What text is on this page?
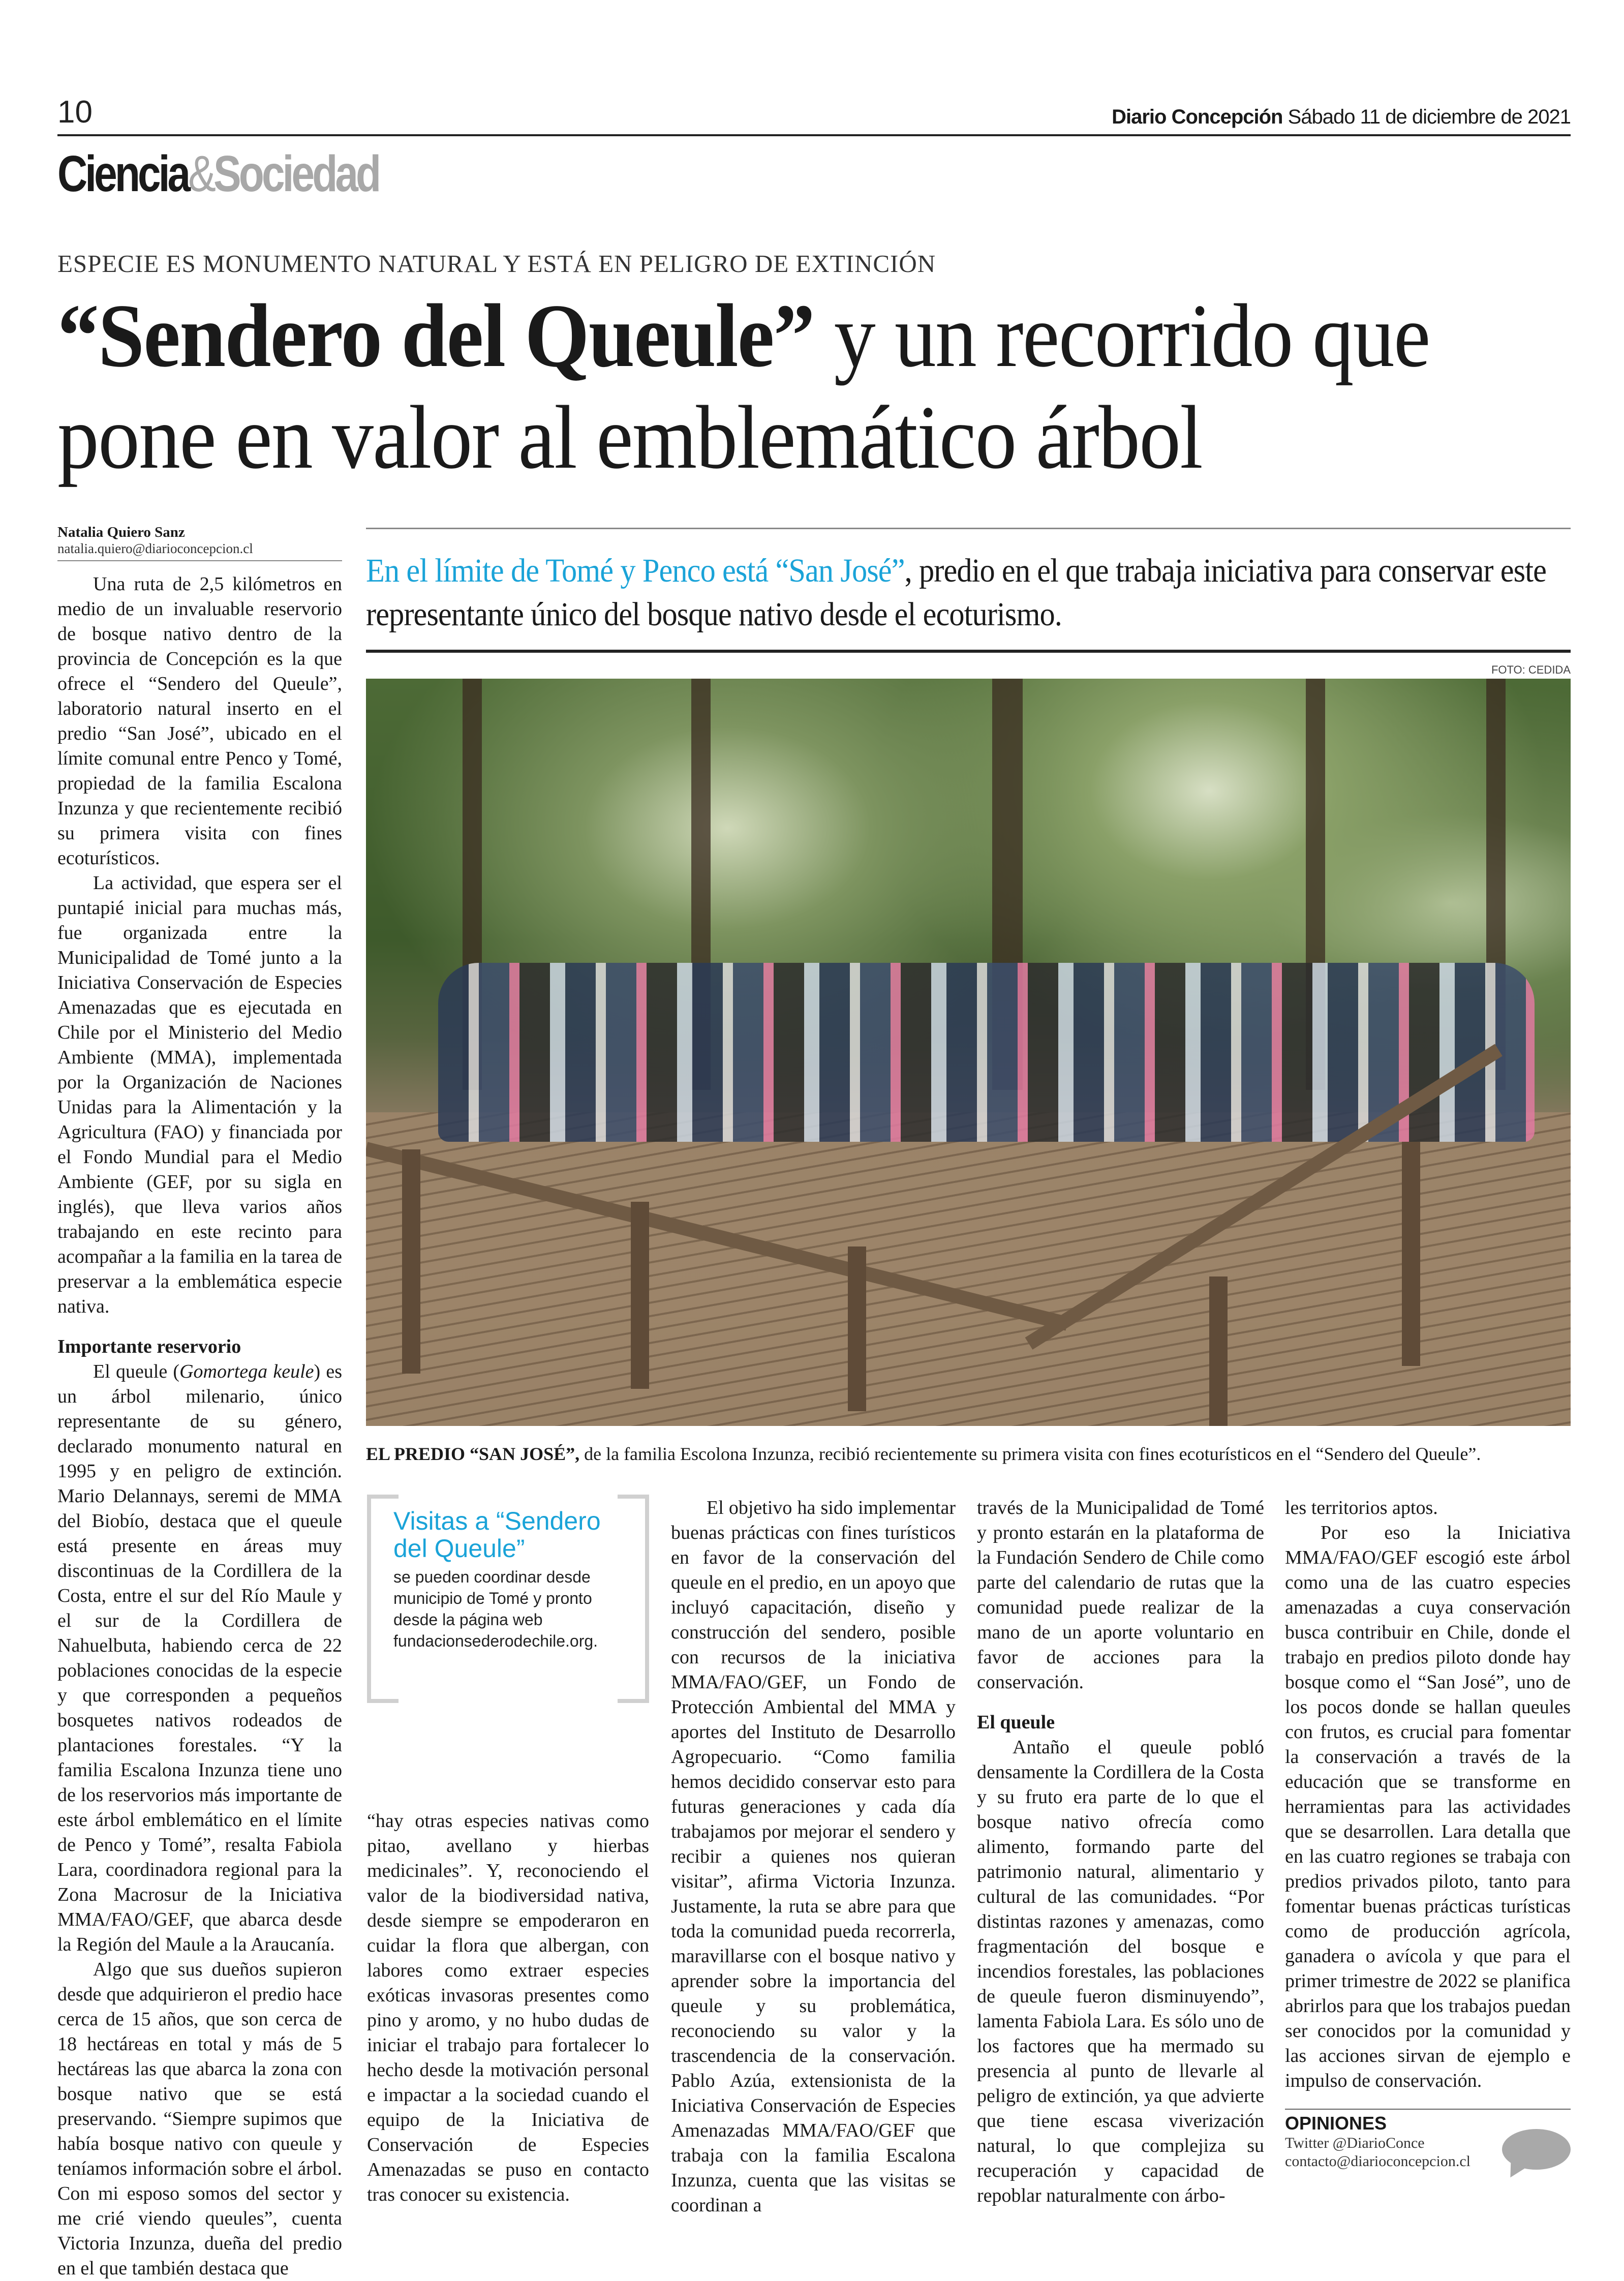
10	Diario Concepción Sábado 11 de diciembre de 2021
Ciencia&Sociedad
ESPECIE ES MONUMENTO NATURAL Y ESTÁ EN PELIGRO DE EXTINCIÓN
“Sendero del Queule” y un recorrido que pone en valor al emblemático árbol
Natalia Quiero Sanz
natalia.quiero@diarioconcepcion.cl

Una ruta de 2,5 kilómetros en medio de un invaluable reservorio de bosque nativo dentro de la provincia de Concepción es la que ofrece el “Sendero del Queule”, laboratorio natural inserto en el predio “San José”, ubicado en el límite comunal entre Penco y Tomé, propiedad de la familia Escalona Inzunza y que recientemente recibió su primera visita con fines ecoturísticos.

La actividad, que espera ser el puntapié inicial para muchas más, fue organizada entre la Municipalidad de Tomé junto a la Iniciativa Conservación de Especies Amenazadas que es ejecutada en Chile por el Ministerio del Medio Ambiente (MMA), implementada por la Organización de Naciones Unidas para la Alimentación y la Agricultura (FAO) y financiada por el Fondo Mundial para el Medio Ambiente (GEF, por su sigla en inglés), que lleva varios años trabajando en este recinto para acompañar a la familia en la tarea de preservar a la emblemática especie nativa.

Importante reservorio

El queule (Gomortega keule) es un árbol milenario, único representante de su género, declarado monumento natural en 1995 y en peligro de extinción. Mario Delannays, seremi de MMA del Biobío, destaca que el queule está presente en áreas muy discontinuas de la Cordillera de la Costa, entre el sur del Río Maule y el sur de la Cordillera de Nahuelbuta, habiendo cerca de 22 poblaciones conocidas de la especie y que corresponden a pequeños bosquetes nativos rodeados de plantaciones forestales. “Y la familia Escalona Inzunza tiene uno de los reservorios más importante de este árbol emblemático en el límite de Penco y Tomé”, resalta Fabiola Lara, coordinadora regional para la Zona Macrosur de la Iniciativa MMA/FAO/GEF, que abarca desde la Región del Maule a la Araucanía.

Algo que sus dueños supieron desde que adquirieron el predio hace cerca de 15 años, que son cerca de 18 hectáreas en total y más de 5 hectáreas las que abarca la zona con bosque nativo que se está preservando. “Siempre supimos que había bosque nativo con queule y teníamos información sobre el árbol. Con mi esposo somos del sector y me crié viendo queules”, cuenta Victoria Inzunza, dueña del predio en el que también destaca que

En el límite de Tomé y Penco está “San José”, predio en el que trabaja iniciativa para conservar este representante único del bosque nativo desde el ecoturismo.
FOTO: CEDIDA
EL PREDIO “SAN JOSÉ”, de la familia Escolona Inzunza, recibió recientemente su primera visita con fines ecoturísticos en el “Sendero del Queule”.
Visitas a “Sendero del Queule”
se pueden coordinar desde municipio de Tomé y pronto desde la página web fundacionsederodechile.org.

“hay otras especies nativas como pitao, avellano y hierbas medicinales”. Y, reconociendo el valor de la biodiversidad nativa, desde siempre se empoderaron en cuidar la flora que albergan, con labores como extraer especies exóticas invasoras presentes como pino y aromo, y no hubo dudas de iniciar el trabajo para fortalecer lo hecho desde la motivación personal e impactar a la sociedad cuando el equipo de la Iniciativa de Conservación de Especies Amenazadas se puso en contacto tras conocer su existencia.

El objetivo ha sido implementar buenas prácticas con fines turísticos en favor de la conservación del queule en el predio, en un apoyo que incluyó capacitación, diseño y construcción del sendero, posible con recursos de la iniciativa MMA/FAO/GEF, un Fondo de Protección Ambiental del MMA y aportes del Instituto de Desarrollo Agropecuario. “Como familia hemos decidido conservar esto para futuras generaciones y cada día trabajamos por mejorar el sendero y recibir a quienes nos quieran visitar”, afirma Victoria Inzunza. Justamente, la ruta se abre para que toda la comunidad pueda recorrerla, maravillarse con el bosque nativo y aprender sobre la importancia del queule y su problemática, reconociendo su valor y la trascendencia de la conservación. Pablo Azúa, extensionista de la Iniciativa Conservación de Especies Amenazadas MMA/FAO/GEF que trabaja con la familia Escalona Inzunza, cuenta que las visitas se coordinan a

través de la Municipalidad de Tomé y pronto estarán en la plataforma de la Fundación Sendero de Chile como parte del calendario de rutas que la comunidad puede realizar de la mano de un aporte voluntario en favor de acciones para la conservación.

El queule

Antaño el queule pobló densamente la Cordillera de la Costa y su fruto era parte de lo que el bosque nativo ofrecía como alimento, formando parte del patrimonio natural, alimentario y cultural de las comunidades. “Por distintas razones y amenazas, como fragmentación del bosque e incendios forestales, las poblaciones de queule fueron disminuyendo”, lamenta Fabiola Lara. Es sólo uno de los factores que ha mermado su presencia al punto de llevarle al peligro de extinción, ya que advierte que tiene escasa viverización natural, lo que complejiza su recuperación y capacidad de repoblar naturalmente con árbo-

les territorios aptos.

Por eso la Iniciativa MMA/FAO/GEF escogió este árbol como una de las cuatro especies amenazadas a cuya conservación busca contribuir en Chile, donde el trabajo en predios piloto donde hay bosque como el “San José”, uno de los pocos donde se hallan queules con frutos, es crucial para fomentar la conservación a través de la educación que se transforme en herramientas para las actividades que se desarrollen. Lara detalla que en las cuatro regiones se trabaja con predios privados piloto, tanto para fomentar buenas prácticas turísticas como de producción agrícola, ganadera o avícola y que para el primer trimestre de 2022 se planifica abrirlos para que los trabajos puedan ser conocidos por la comunidad y las acciones sirvan de ejemplo e impulso de conservación.

OPINIONES
Twitter @DiarioConce
contacto@diarioconcepcion.cl
